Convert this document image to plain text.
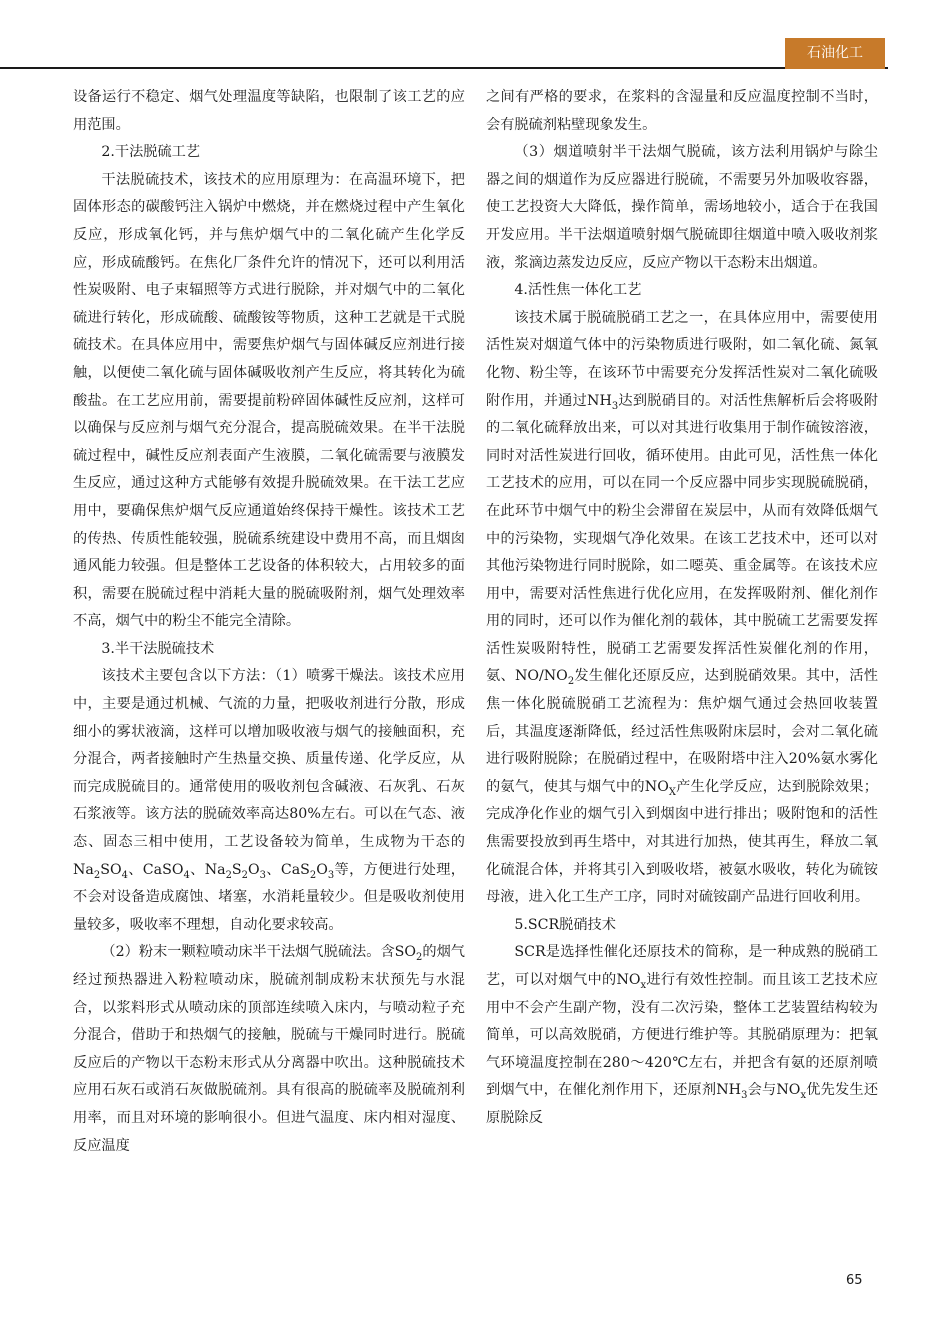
石油化工

设备运行不稳定、烟气处理温度等缺陷，也限制了该工艺的应用范围。

2.干法脱硫工艺

干法脱硫技术，该技术的应用原理为：在高温环境下，把固体形态的碳酸钙注入锅炉中燃烧，并在燃烧过程中产生氧化反应，形成氧化钙，并与焦炉烟气中的二氧化硫产生化学反应，形成硫酸钙。在焦化厂条件允许的情况下，还可以利用活性炭吸附、电子束辐照等方式进行脱除，并对烟气中的二氧化硫进行转化，形成硫酸、硫酸铵等物质，这种工艺就是干式脱硫技术。在具体应用中，需要焦炉烟气与固体碱反应剂进行接触，以便使二氧化硫与固体碱吸收剂产生反应，将其转化为硫酸盐。在工艺应用前，需要提前粉碎固体碱性反应剂，这样可以确保与反应剂与烟气充分混合，提高脱硫效果。在半干法脱硫过程中，碱性反应剂表面产生液膜，二氧化硫需要与液膜发生反应，通过这种方式能够有效提升脱硫效果。在干法工艺应用中，要确保焦炉烟气反应通道始终保持干燥性。该技术工艺的传热、传质性能较强，脱硫系统建设中费用不高，而且烟囱通风能力较强。但是整体工艺设备的体积较大，占用较多的面积，需要在脱硫过程中消耗大量的脱硫吸附剂，烟气处理效率不高，烟气中的粉尘不能完全清除。

3.半干法脱硫技术

该技术主要包含以下方法：（1）喷雾干燥法。该技术应用中，主要是通过机械、气流的力量，把吸收剂进行分散，形成细小的雾状液滴，这样可以增加吸收液与烟气的接触面积，充分混合，两者接触时产生热量交换、质量传递、化学反应，从而完成脱硫目的。通常使用的吸收剂包含碱液、石灰乳、石灰石浆液等。该方法的脱硫效率高达80%左右。可以在气态、液态、固态三相中使用，工艺设备较为简单，生成物为干态的$Na_2SO_4$、CaSO$_4$、$Na_2S_2O_3$、$CaS_2O_3$等，方便进行处理，不会对设备造成腐蚀、堵塞，水消耗量较少。但是吸收剂使用量较多，吸收率不理想，自动化要求较高。

（2）粉末一颗粒喷动床半干法烟气脱硫法。含$SO_2$的烟气经过预热器进入粉粒喷动床，脱硫剂制成粉末状预先与水混合，以浆料形式从喷动床的顶部连续喷入床内，与喷动粒子充分混合，借助于和热烟气的接触，脱硫与干燥同时进行。脱硫反应后的产物以干态粉末形式从分离器中吹出。这种脱硫技术应用石灰石或消石灰做脱硫剂。具有很高的脱硫率及脱硫剂利用率，而且对环境的影响很小。但进气温度、床内相对湿度、反应温度

之间有严格的要求，在浆料的含湿量和反应温度控制不当时，会有脱硫剂粘壁现象发生。

（3）烟道喷射半干法烟气脱硫，该方法利用锅炉与除尘器之间的烟道作为反应器进行脱硫，不需要另外加吸收容器，使工艺投资大大降低，操作简单，需场地较小，适合于在我国开发应用。半干法烟道喷射烟气脱硫即往烟道中喷入吸收剂浆液，浆滴边蒸发边反应，反应产物以干态粉末出烟道。

4.活性焦一体化工艺

该技术属于脱硫脱硝工艺之一，在具体应用中，需要使用活性炭对烟道气体中的污染物质进行吸附，如二氧化硫、氮氧化物、粉尘等，在该环节中需要充分发挥活性炭对二氧化硫吸附作用，并通过$NH_3$达到脱硝目的。对活性焦解析后会将吸附的二氧化硫释放出来，可以对其进行收集用于制作硫铵溶液，同时对活性炭进行回收，循环使用。由此可见，活性焦一体化工艺技术的应用，可以在同一个反应器中同步实现脱硫脱硝，在此环节中烟气中的粉尘会滞留在炭层中，从而有效降低烟气中的污染物，实现烟气净化效果。在该工艺技术中，还可以对其他污染物进行同时脱除，如二噁英、重金属等。在该技术应用中，需要对活性焦进行优化应用，在发挥吸附剂、催化剂作用的同时，还可以作为催化剂的载体，其中脱硫工艺需要发挥活性炭吸附特性，脱硝工艺需要发挥活性炭催化剂的作用，氨、$NO/NO_2$发生催化还原反应，达到脱硝效果。其中，活性焦一体化脱硫脱硝工艺流程为：焦炉烟气通过会热回收装置后，其温度逐渐降低，经过活性焦吸附床层时，会对二氧化硫进行吸附脱除；在脱硝过程中，在吸附塔中注入20%氨水雾化的氨气，使其与烟气中的$NO_X$产生化学反应，达到脱除效果；完成净化作业的烟气引入到烟囱中进行排出；吸附饱和的活性焦需要投放到再生塔中，对其进行加热，使其再生，释放二氧化硫混合体，并将其引入到吸收塔，被氨水吸收，转化为硫铵母液，进入化工生产工序，同时对硫铵副产品进行回收利用。

5.SCR脱硝技术

SCR是选择性催化还原技术的简称，是一种成熟的脱硝工艺，可以对烟气中的$NO_x$进行有效性控制。而且该工艺技术应用中不会产生副产物，没有二次污染，整体工艺装置结构较为简单，可以高效脱硝，方便进行维护等。其脱硝原理为：把氧气环境温度控制在280～420℃左右，并把含有氨的还原剂喷到烟气中，在催化剂作用下，还原剂$NH_3$会与$NO_x$优先发生还原脱除反

65
